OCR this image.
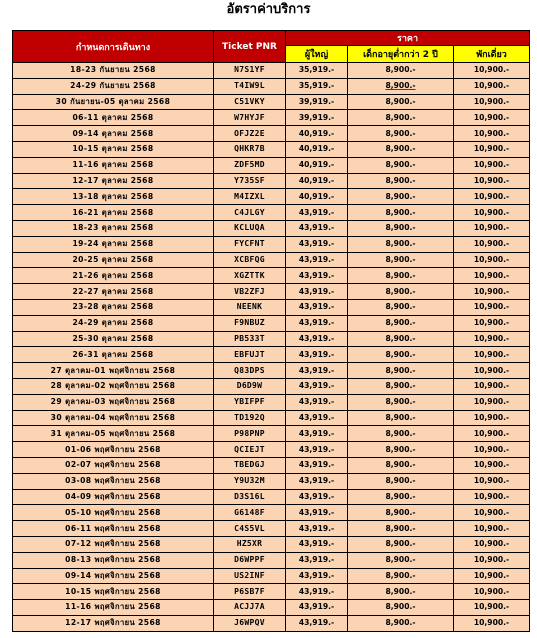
อัตราค่าบริการ
กำหนดการเดินทาง	Ticket PNR	ราคา		
		ผู้ใหญ่	เด็กอายุต่ำกว่า 2 ปี	พักเดี่ยว
18-23 กันยายน 2568	N7S1YF	35,919.-	8,900.-	10,900.-
24-29 กันยายน 2568	T4IW9L	35,919.-	8,900.-	10,900.-
30 กันยายน-05 ตุลาคม 2568	C51VKY	39,919.-	8,900.-	10,900.-
06-11 ตุลาคม 2568	W7HYJF	39,919.-	8,900.-	10,900.-
09-14 ตุลาคม 2568	OFJZ2E	40,919.-	8,900.-	10,900.-
10-15 ตุลาคม 2568	QHKR7B	40,919.-	8,900.-	10,900.-
11-16 ตุลาคม 2568	ZDF5MD	40,919.-	8,900.-	10,900.-
12-17 ตุลาคม 2568	Y735SF	40,919.-	8,900.-	10,900.-
13-18 ตุลาคม 2568	M4IZXL	40,919.-	8,900.-	10,900.-
16-21 ตุลาคม 2568	C4JLGY	43,919.-	8,900.-	10,900.-
18-23 ตุลาคม 2568	KCLUQA	43,919.-	8,900.-	10,900.-
19-24 ตุลาคม 2568	FYCFNT	43,919.-	8,900.-	10,900.-
20-25 ตุลาคม 2568	XCBFQG	43,919.-	8,900.-	10,900.-
21-26 ตุลาคม 2568	XGZTTK	43,919.-	8,900.-	10,900.-
22-27 ตุลาคม 2568	VB2ZFJ	43,919.-	8,900.-	10,900.-
23-28 ตุลาคม 2568	NEENK	43,919.-	8,900.-	10,900.-
24-29 ตุลาคม 2568	F9NBUZ	43,919.-	8,900.-	10,900.-
25-30 ตุลาคม 2568	PB533T	43,919.-	8,900.-	10,900.-
26-31 ตุลาคม 2568	EBFUJT	43,919.-	8,900.-	10,900.-
27 ตุลาคม-01 พฤศจิกายน 2568	Q83DPS	43,919.-	8,900.-	10,900.-
28 ตุลาคม-02 พฤศจิกายน 2568	D6D9W	43,919.-	8,900.-	10,900.-
29 ตุลาคม-03 พฤศจิกายน 2568	YBIFPF	43,919.-	8,900.-	10,900.-
30 ตุลาคม-04 พฤศจิกายน 2568	TD192Q	43,919.-	8,900.-	10,900.-
31 ตุลาคม-05 พฤศจิกายน 2568	P98PNP	43,919.-	8,900.-	10,900.-
01-06 พฤศจิกายน 2568	QCIEJT	43,919.-	8,900.-	10,900.-
02-07 พฤศจิกายน 2568	TBEDGJ	43,919.-	8,900.-	10,900.-
03-08 พฤศจิกายน 2568	Y9U32M	43,919.-	8,900.-	10,900.-
04-09 พฤศจิกายน 2568	D3S16L	43,919.-	8,900.-	10,900.-
05-10 พฤศจิกายน 2568	G6148F	43,919.-	8,900.-	10,900.-
06-11 พฤศจิกายน 2568	C4S5VL	43,919.-	8,900.-	10,900.-
07-12 พฤศจิกายน 2568	HZ5XR	43,919.-	8,900.-	10,900.-
08-13 พฤศจิกายน 2568	D6WPPF	43,919.-	8,900.-	10,900.-
09-14 พฤศจิกายน 2568	US2INF	43,919.-	8,900.-	10,900.-
10-15 พฤศจิกายน 2568	P6SB7F	43,919.-	8,900.-	10,900.-
11-16 พฤศจิกายน 2568	ACJJ7A	43,919.-	8,900.-	10,900.-
12-17 พฤศจิกายน 2568	J6WPQV	43,919.-	8,900.-	10,900.-
